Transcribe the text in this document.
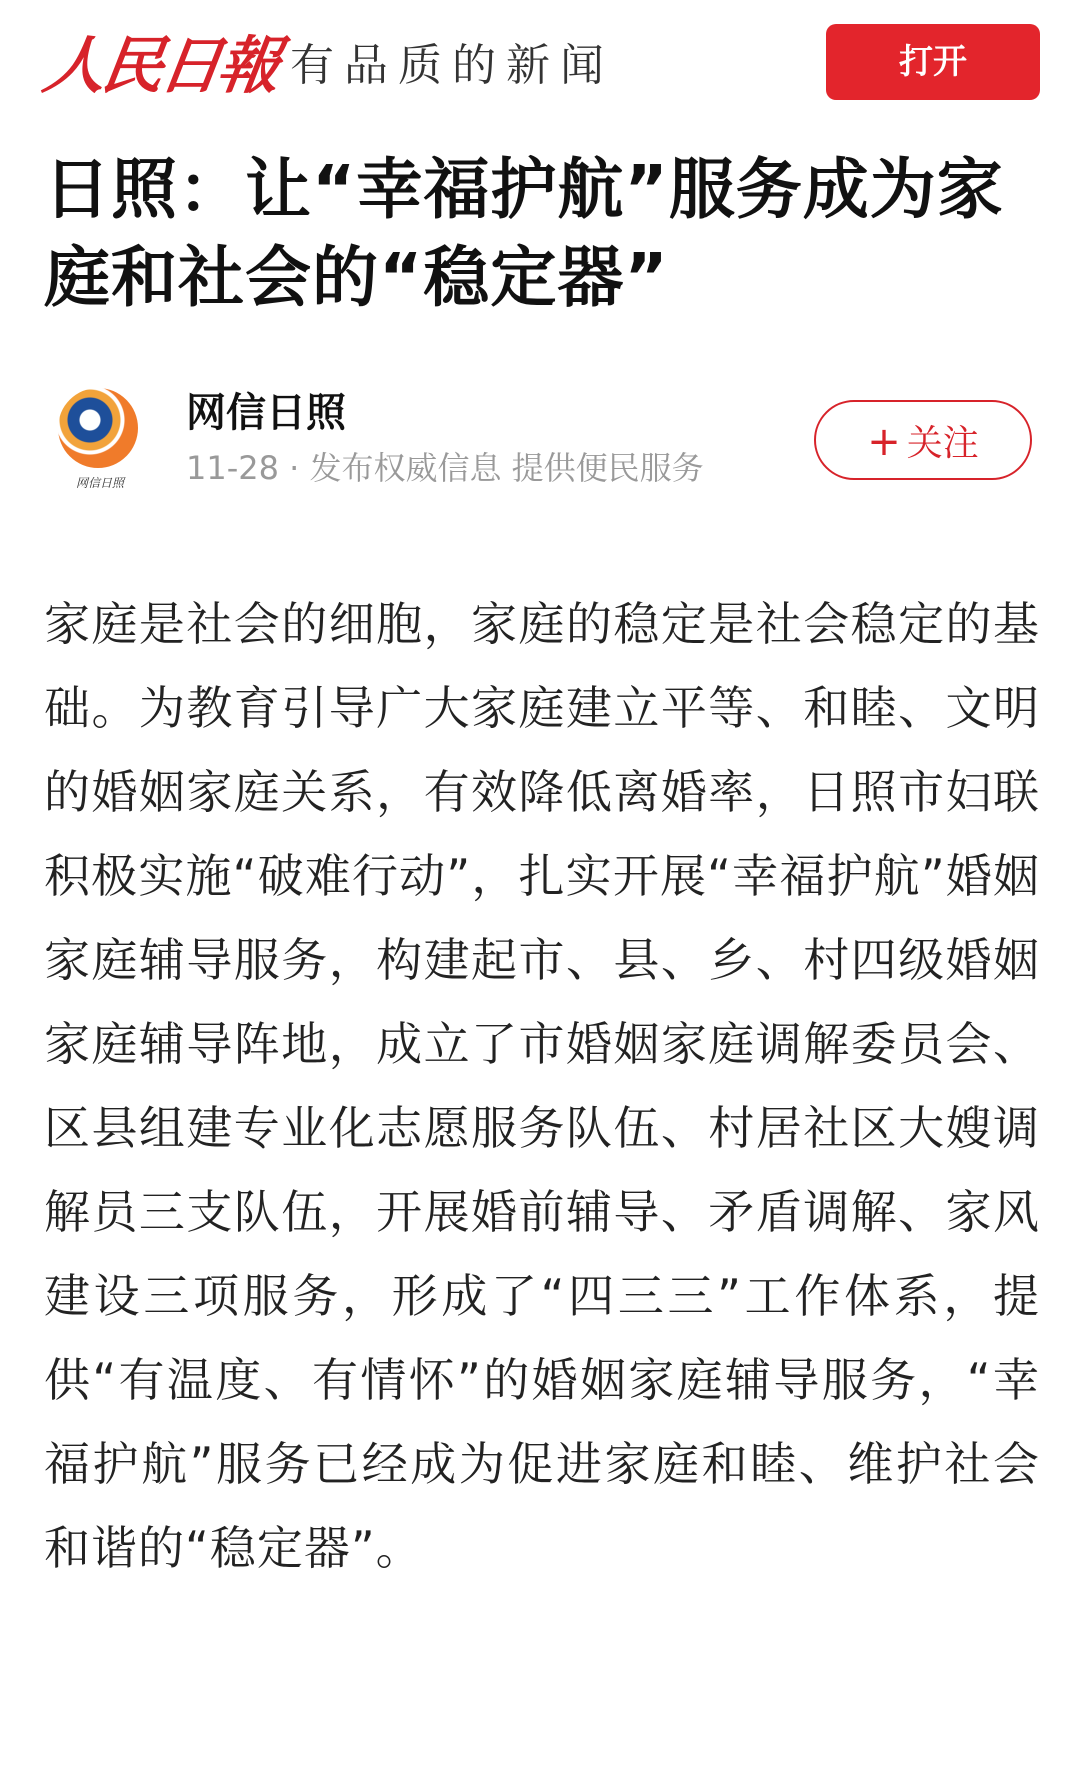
人民日報 有品质的新闻	打开
日照：让“幸福护航”服务成为家庭和社会的“稳定器”
网信日照
网信日照
11-28 · 发布权威信息 提供便民服务
+ 关注
家庭是社会的细胞，家庭的稳定是社会稳定的基础。为教育引导广大家庭建立平等、和睦、文明的婚姻家庭关系，有效降低离婚率，日照市妇联积极实施“破难行动”，扎实开展“幸福护航”婚姻家庭辅导服务，构建起市、县、乡、村四级婚姻家庭辅导阵地，成立了市婚姻家庭调解委员会、区县组建专业化志愿服务队伍、村居社区大嫂调解员三支队伍，开展婚前辅导、矛盾调解、家风建设三项服务，形成了“四三三”工作体系，提供“有温度、有情怀”的婚姻家庭辅导服务，“幸福护航”服务已经成为促进家庭和睦、维护社会和谐的“稳定器”。
